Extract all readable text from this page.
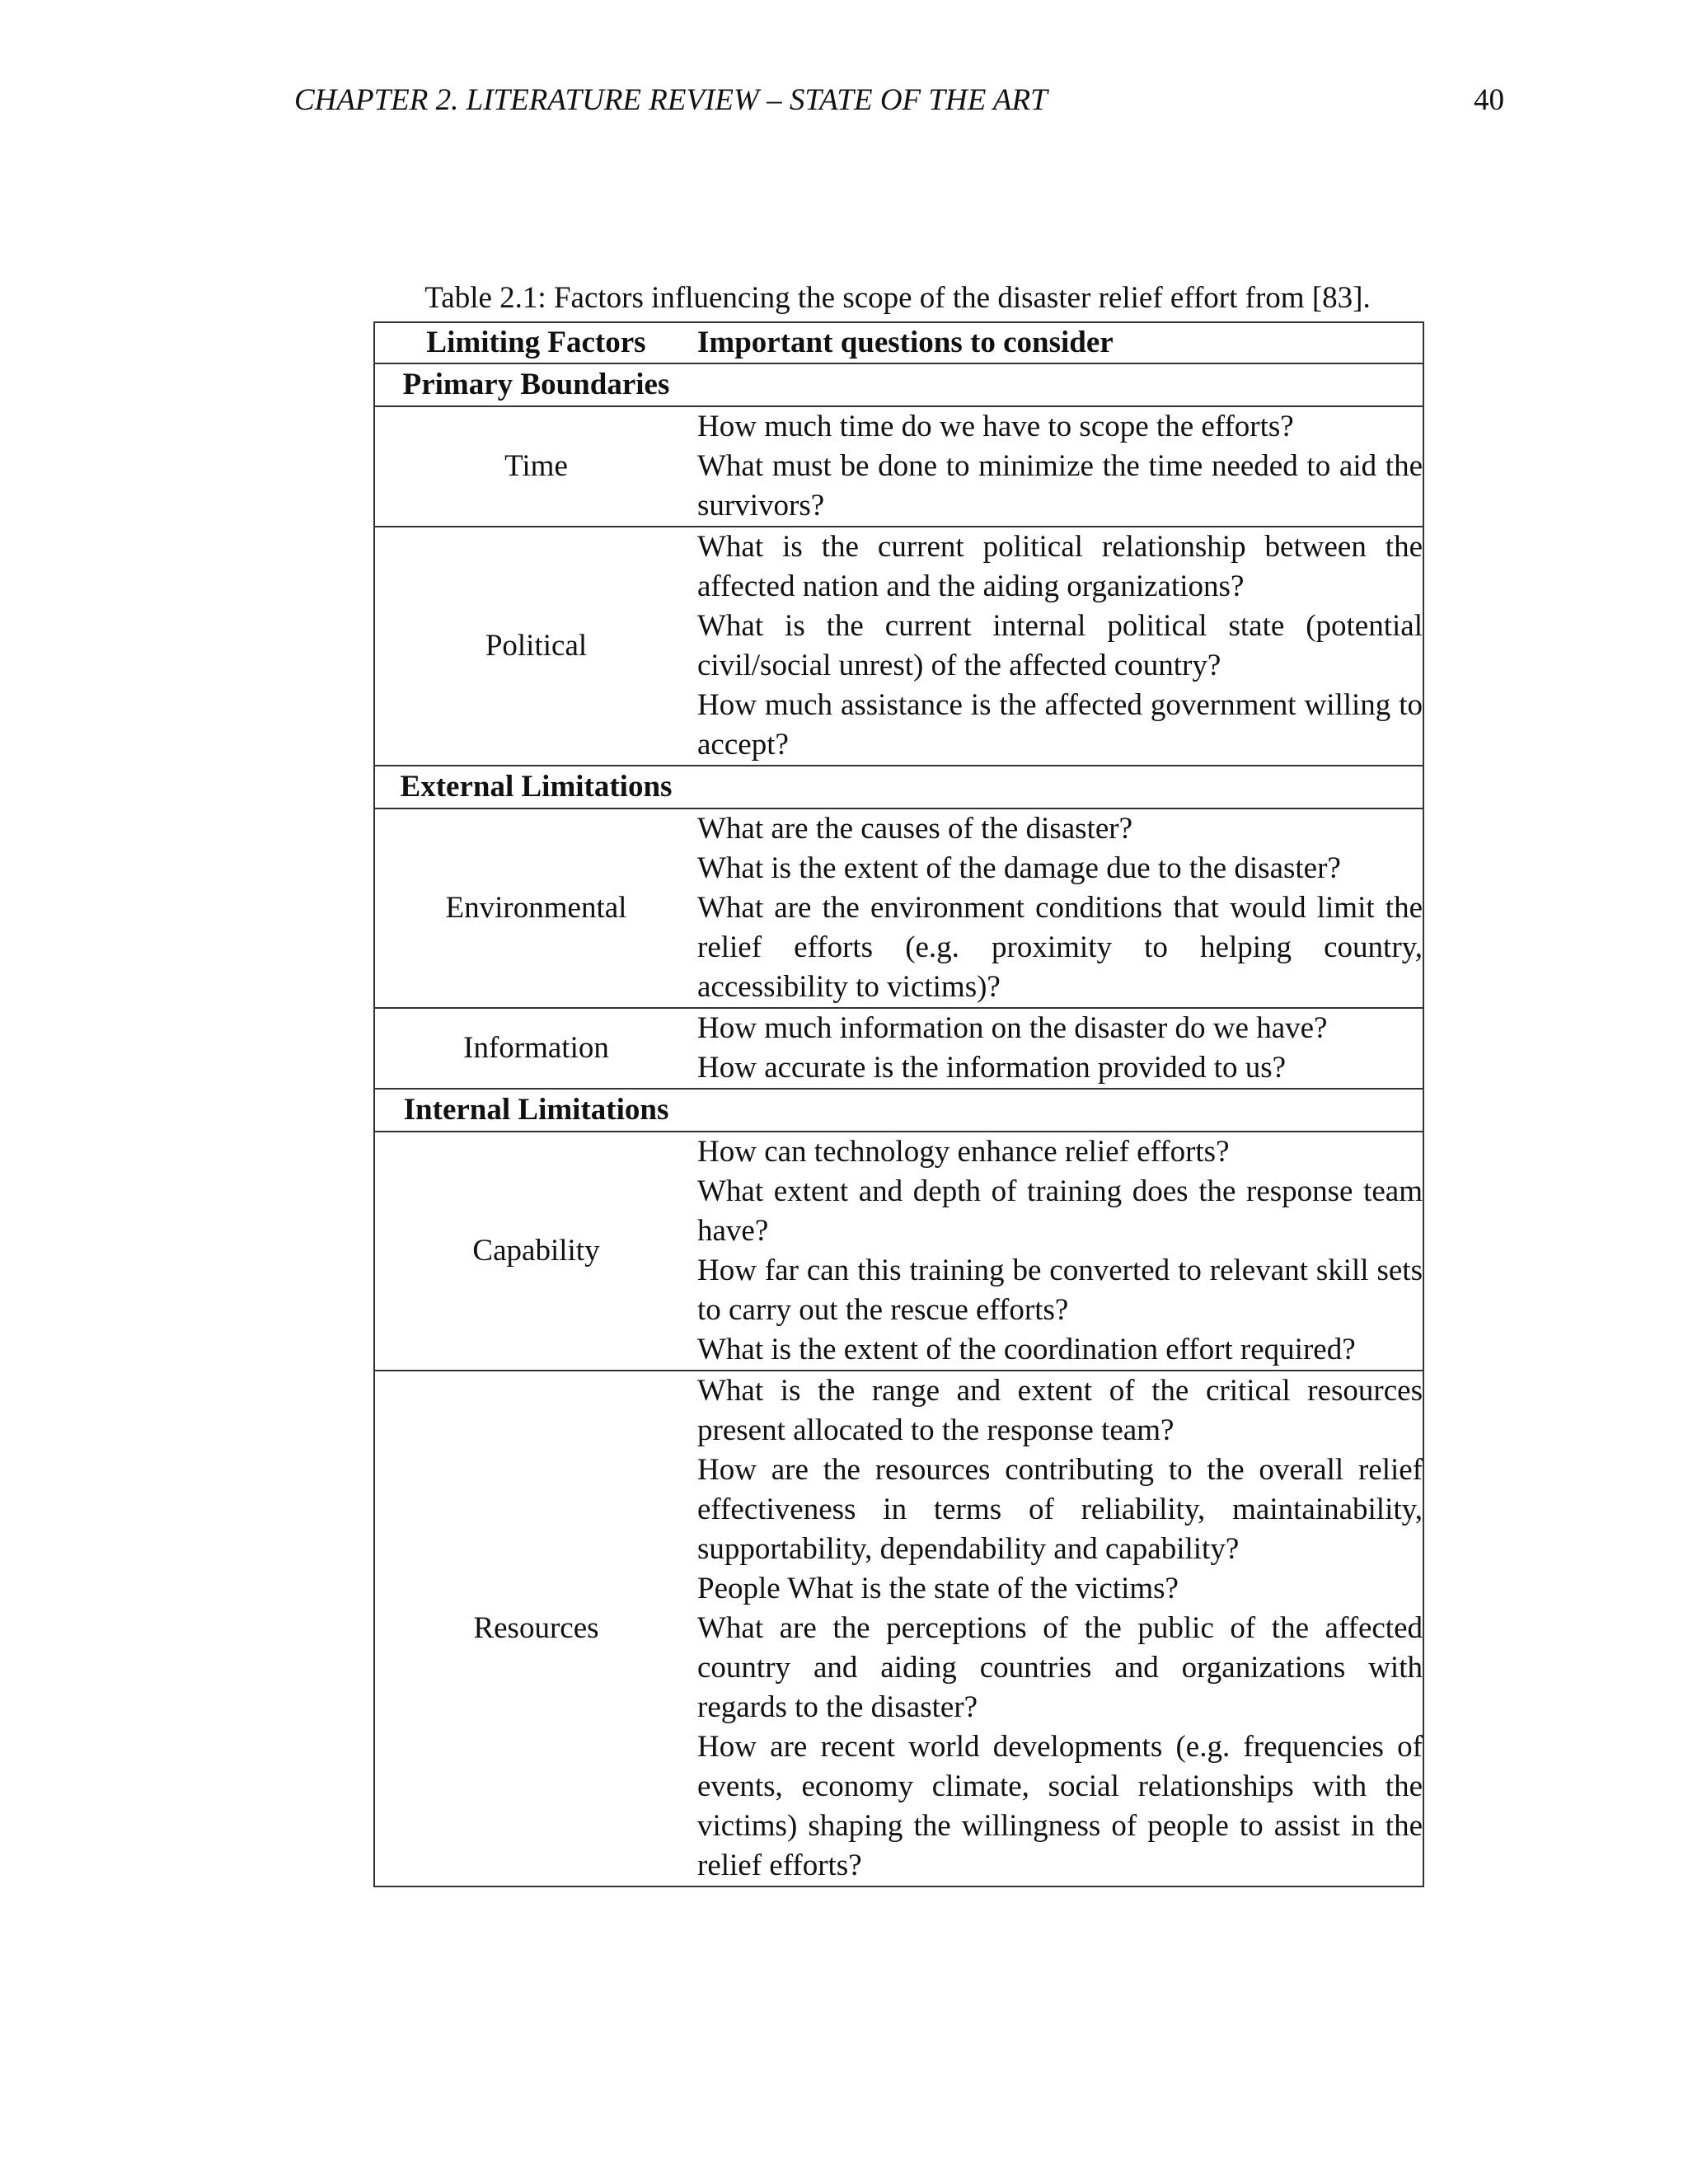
CHAPTER 2. LITERATURE REVIEW – STATE OF THE ART	40
Table 2.1: Factors influencing the scope of the disaster relief effort from [83].
Limiting Factors	Important questions to consider
Primary Boundaries	
Time	How much time do we have to scope the efforts?
What must be done to minimize the time needed to aid the survivors?

Political	What is the current political relationship between the affected nation and the aiding organizations?
What is the current internal political state (potential civil/social unrest) of the affected country?
How much assistance is the affected government willing to accept?

External Limitations	
Environmental	What are the causes of the disaster?
What is the extent of the damage due to the disaster?
What are the environment conditions that would limit the relief efforts (e.g. proximity to helping country, accessibility to victims)?

Information	How much information on the disaster do we have?
How accurate is the information provided to us?

Internal Limitations	
Capability	How can technology enhance relief efforts?
What extent and depth of training does the response team have?
How far can this training be converted to relevant skill sets to carry out the rescue efforts?
What is the extent of the coordination effort required?

Resources	What is the range and extent of the critical resources present allocated to the response team?
How are the resources contributing to the overall relief effectiveness in terms of reliability, maintainability, supportability, dependability and capability?
People What is the state of the victims?
What are the perceptions of the public of the affected country and aiding countries and organizations with regards to the disaster?
How are recent world developments (e.g. frequencies of events, economy climate, social relationships with the victims) shaping the willingness of people to assist in the relief efforts?
